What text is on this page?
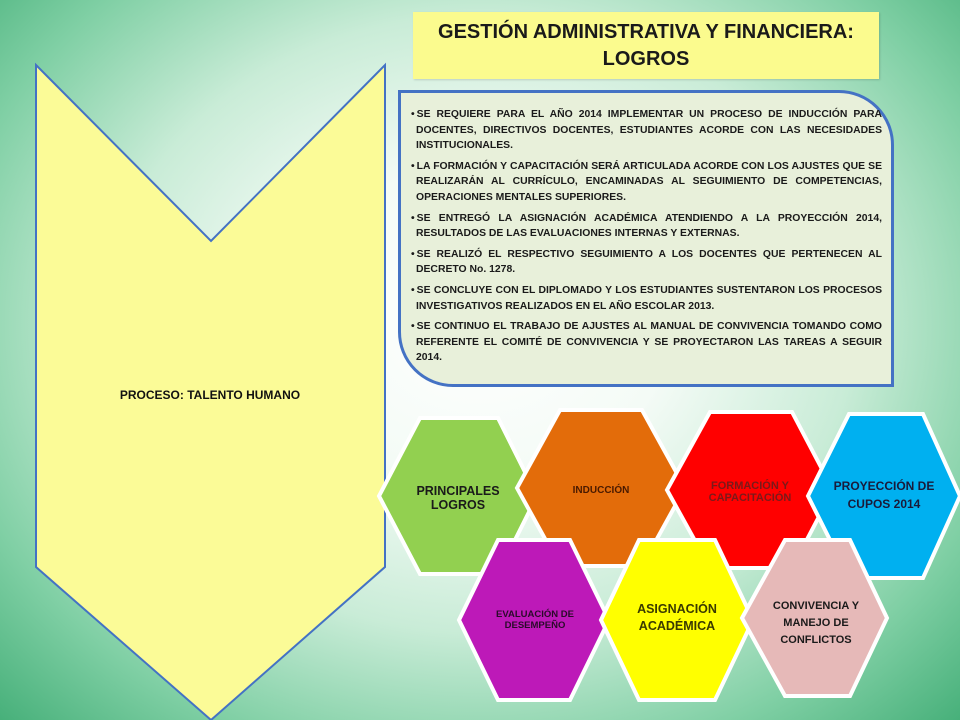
GESTIÓN ADMINISTRATIVA Y FINANCIERA:
LOGROS
PROCESO: TALENTO HUMANO
• SE REQUIERE PARA EL AÑO 2014 IMPLEMENTAR UN PROCESO DE INDUCCIÓN PARA DOCENTES, DIRECTIVOS DOCENTES, ESTUDIANTES ACORDE CON LAS NECESIDADES INSTITUCIONALES.
• LA FORMACIÓN Y CAPACITACIÓN SERÁ ARTICULADA ACORDE CON LOS AJUSTES QUE SE REALIZARÁN AL CURRÍCULO, ENCAMINADAS AL SEGUIMIENTO DE COMPETENCIAS, OPERACIONES MENTALES SUPERIORES.
• SE ENTREGÓ LA ASIGNACIÓN ACADÉMICA ATENDIENDO A LA PROYECCIÓN 2014, RESULTADOS DE LAS EVALUACIONES INTERNAS Y EXTERNAS.
• SE REALIZÓ EL RESPECTIVO SEGUIMIENTO A LOS DOCENTES QUE PERTENECEN AL DECRETO No. 1278.
• SE CONCLUYE CON EL DIPLOMADO Y LOS ESTUDIANTES SUSTENTARON LOS PROCESOS INVESTIGATIVOS REALIZADOS EN EL AÑO ESCOLAR 2013.
• SE CONTINUO EL TRABAJO DE AJUSTES AL MANUAL DE CONVIVENCIA TOMANDO COMO REFERENTE EL COMITÉ DE CONVIVENCIA Y SE PROYECTARON LAS TAREAS A SEGUIR 2014.
PRINCIPALES LOGROS
INDUCCIÓN	FORMACIÓN Y CAPACITACIÓN
PROYECCIÓN DE CUPOS 2014
EVALUACIÓN DE DESEMPEÑO
ASIGNACIÓN ACADÉMICA
CONVIVENCIA Y MANEJO DE CONFLICTOS
